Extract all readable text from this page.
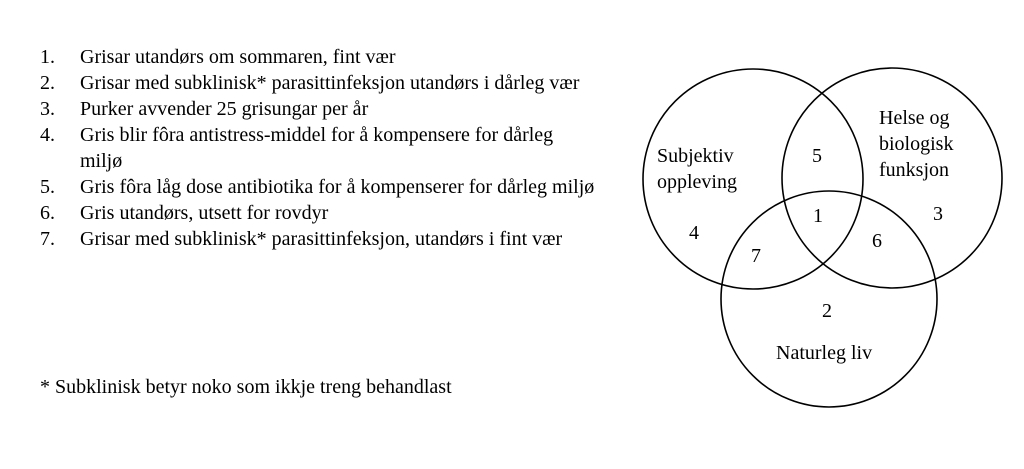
1.	Grisar utandørs om sommaren, fint vær
2.	Grisar med subklinisk* parasittinfeksjon utandørs i dårleg vær
3.	Purker avvender 25 grisungar per år
4.	Gris blir fôra antistress-middel for å kompensere for dårleg miljø
5.	Gris fôra låg dose antibiotika for å kompenserer for dårleg miljø
6.	Gris utandørs, utsett for rovdyr
7.	Grisar med subklinisk* parasittinfeksjon, utandørs i fint vær
* Subklinisk betyr noko som ikkje treng behandlast
Subjektiv
oppleving
Helse og
biologisk
funksjon
Naturleg liv
4
3
2
5
7
6
1
